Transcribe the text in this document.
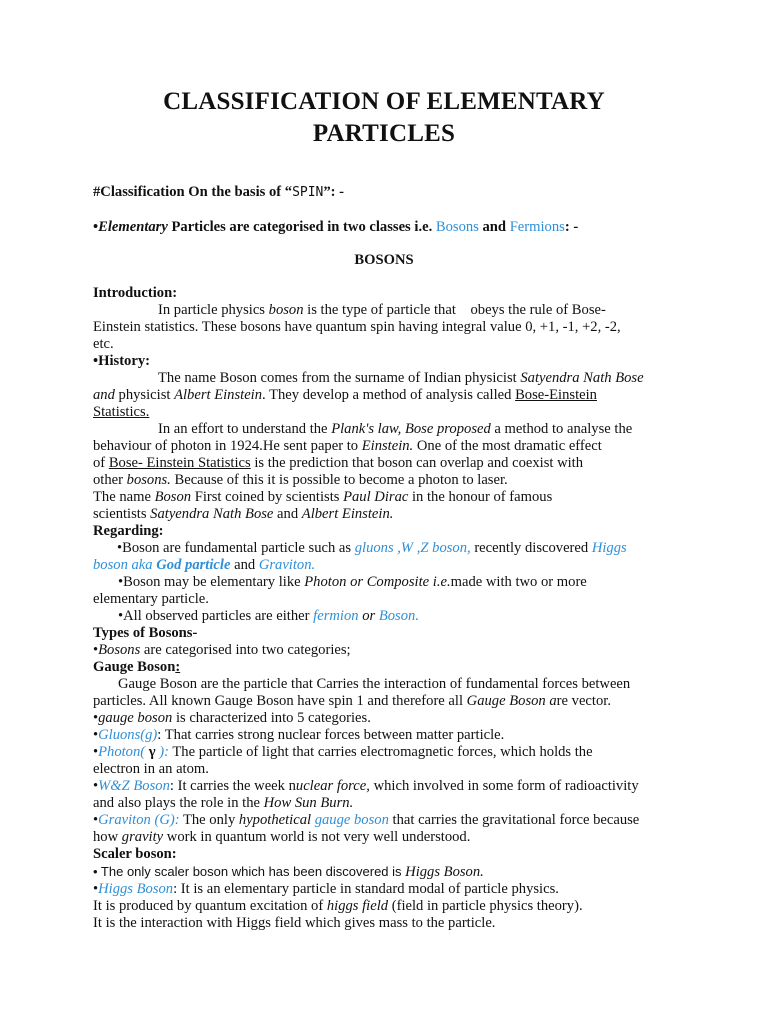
CLASSIFICATION OF ELEMENTARY
PARTICLES
#Classification On the basis of “SPIN”: -
•Elementary Particles are categorised in two classes i.e. Bosons and Fermions: -
BOSONS

Introduction:

In particle physics boson is the type of particle that    obeys the rule of Bose-

Einstein statistics. These bosons have quantum spin having integral value 0, +1, -1, +2, -2,

etc.

•History:

The name Boson comes from the surname of Indian physicist Satyendra Nath Bose

and physicist Albert Einstein. They develop a method of analysis called Bose-Einstein

Statistics.

In an effort to understand the Plank's law, Bose proposed a method to analyse the

behaviour of photon in 1924.He sent paper to Einstein. One of the most dramatic effect

of Bose- Einstein Statistics is the prediction that boson can overlap and coexist with

other bosons. Because of this it is possible to become a photon to laser.

The name Boson First coined by scientists Paul Dirac in the honour of famous

scientists Satyendra Nath Bose and Albert Einstein.

Regarding:

•Boson are fundamental particle such as gluons ,W ,Z boson, recently discovered Higgs

boson aka God particle and Graviton.

•Boson may be elementary like Photon or Composite i.e.made with two or more

elementary particle.

•All observed particles are either fermion or Boson.

Types of Bosons-

•Bosons are categorised into two categories;

Gauge Boson:

Gauge Boson are the particle that Carries the interaction of fundamental forces between

particles. All known Gauge Boson have spin 1 and therefore all Gauge Boson are vector.

•gauge boson is characterized into 5 categories.

•Gluons(g): That carries strong nuclear forces between matter particle.

•Photon( γ ): The particle of light that carries electromagnetic forces, which holds the

electron in an atom.

•W&Z Boson: It carries the week nuclear force, which involved in some form of radioactivity

and also plays the role in the How Sun Burn.

•Graviton (G): The only hypothetical gauge boson that carries the gravitational force because

how gravity work in quantum world is not very well understood.

Scaler boson:

• The only scaler boson which has been discovered is Higgs Boson.

•Higgs Boson: It is an elementary particle in standard modal of particle physics.

It is produced by quantum excitation of higgs field (field in particle physics theory).

It is the interaction with Higgs field which gives mass to the particle.
